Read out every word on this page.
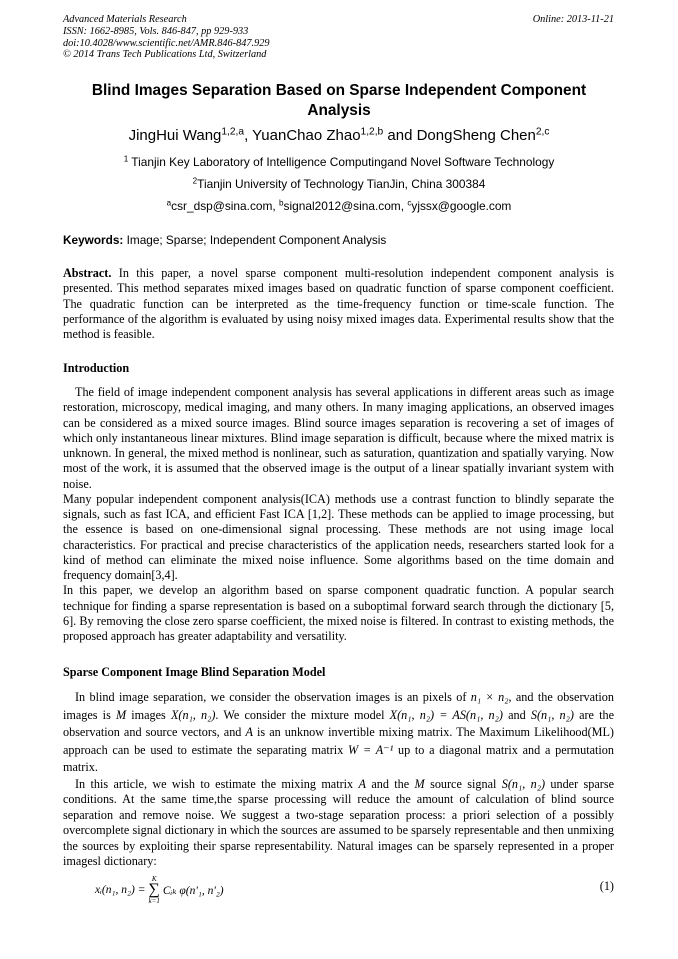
Advanced Materials Research
ISSN: 1662-8985, Vols. 846-847, pp 929-933
doi:10.4028/www.scientific.net/AMR.846-847.929
© 2014 Trans Tech Publications Ltd, Switzerland
Online: 2013-11-21
Blind Images Separation Based on Sparse Independent Component Analysis
JingHui Wang$^{1,2,a}$, YuanChao Zhao$^{1,2,b}$ and DongSheng Chen$^{2,c}$
$^1$ Tianjin Key Laboratory of Intelligence Computingand Novel Software Technology
$^2$Tianjin University of Technology TianJin, China 300384
$^a$csr_dsp@sina.com, $^b$signal2012@sina.com, $^c$yjssx@google.com
Keywords: Image; Sparse; Independent Component Analysis

Abstract. In this paper, a novel sparse component multi-resolution independent component analysis is presented. This method separates mixed images based on quadratic function of sparse component coefficient. The quadratic function can be interpreted as the time-frequency function or time-scale function. The performance of the algorithm is evaluated by using noisy mixed images data. Experimental results show that the method is feasible.

Introduction

The field of image independent component analysis has several applications in different areas such as image restoration, microscopy, medical imaging, and many others. In many imaging applications, an observed images can be considered as a mixed source images. Blind source images separation is recovering a set of images of which only instantaneous linear mixtures. Blind image separation is difficult, because where the mixed matrix is unknown. In general, the mixed method is nonlinear, such as saturation, quantization and spatially varying. Now most of the work, it is assumed that the observed image is the output of a linear spatially invariant system with noise.

Many popular independent component analysis(ICA) methods use a contrast function to blindly separate the signals, such as fast ICA, and efficient Fast ICA [1,2]. These methods can be applied to image processing, but the essence is based on one-dimensional signal processing. These methods are not using image local characteristics. For practical and precise characteristics of the application needs, researchers started look for a kind of method can eliminate the mixed noise influence. Some algorithms based on the time domain and frequency domain[3,4].

In this paper, we develop an algorithm based on sparse component quadratic function. A popular search technique for finding a sparse representation is based on a suboptimal forward search through the dictionary [5, 6]. By removing the close zero sparse coefficient, the mixed noise is filtered. In contrast to existing methods, the proposed approach has greater adaptability and versatility.

Sparse Component Image Blind Separation Model

In blind image separation, we consider the observation images is an pixels of n₁ × n₂, and the observation images is M images X(n₁, n₂). We consider the mixture model X(n₁, n₂) = AS(n₁, n₂) and S(n₁, n₂) are the observation and source vectors, and A is an unknow invertible mixing matrix. The Maximum Likelihood(ML) approach can be used to estimate the separating matrix W = A⁻¹ up to a diagonal matrix and a permutation matrix.

In this article, we wish to estimate the mixing matrix A and the M source signal S(n₁, n₂) under sparse conditions. At the same time,the sparse processing will reduce the amount of calculation of blind source separation and remove noise. We suggest a two-stage separation process: a priori selection of a possibly overcomplete signal dictionary in which the sources are assumed to be sparsely representable and then unmixing the sources by exploiting their sparse representability. Natural images can be sparsely represented in a proper imagesl dictionary:

xᵢ(n₁, n₂) =
K
∑
k=1
Cᵢₖ φ(n'₁, n'₂)	(1)
